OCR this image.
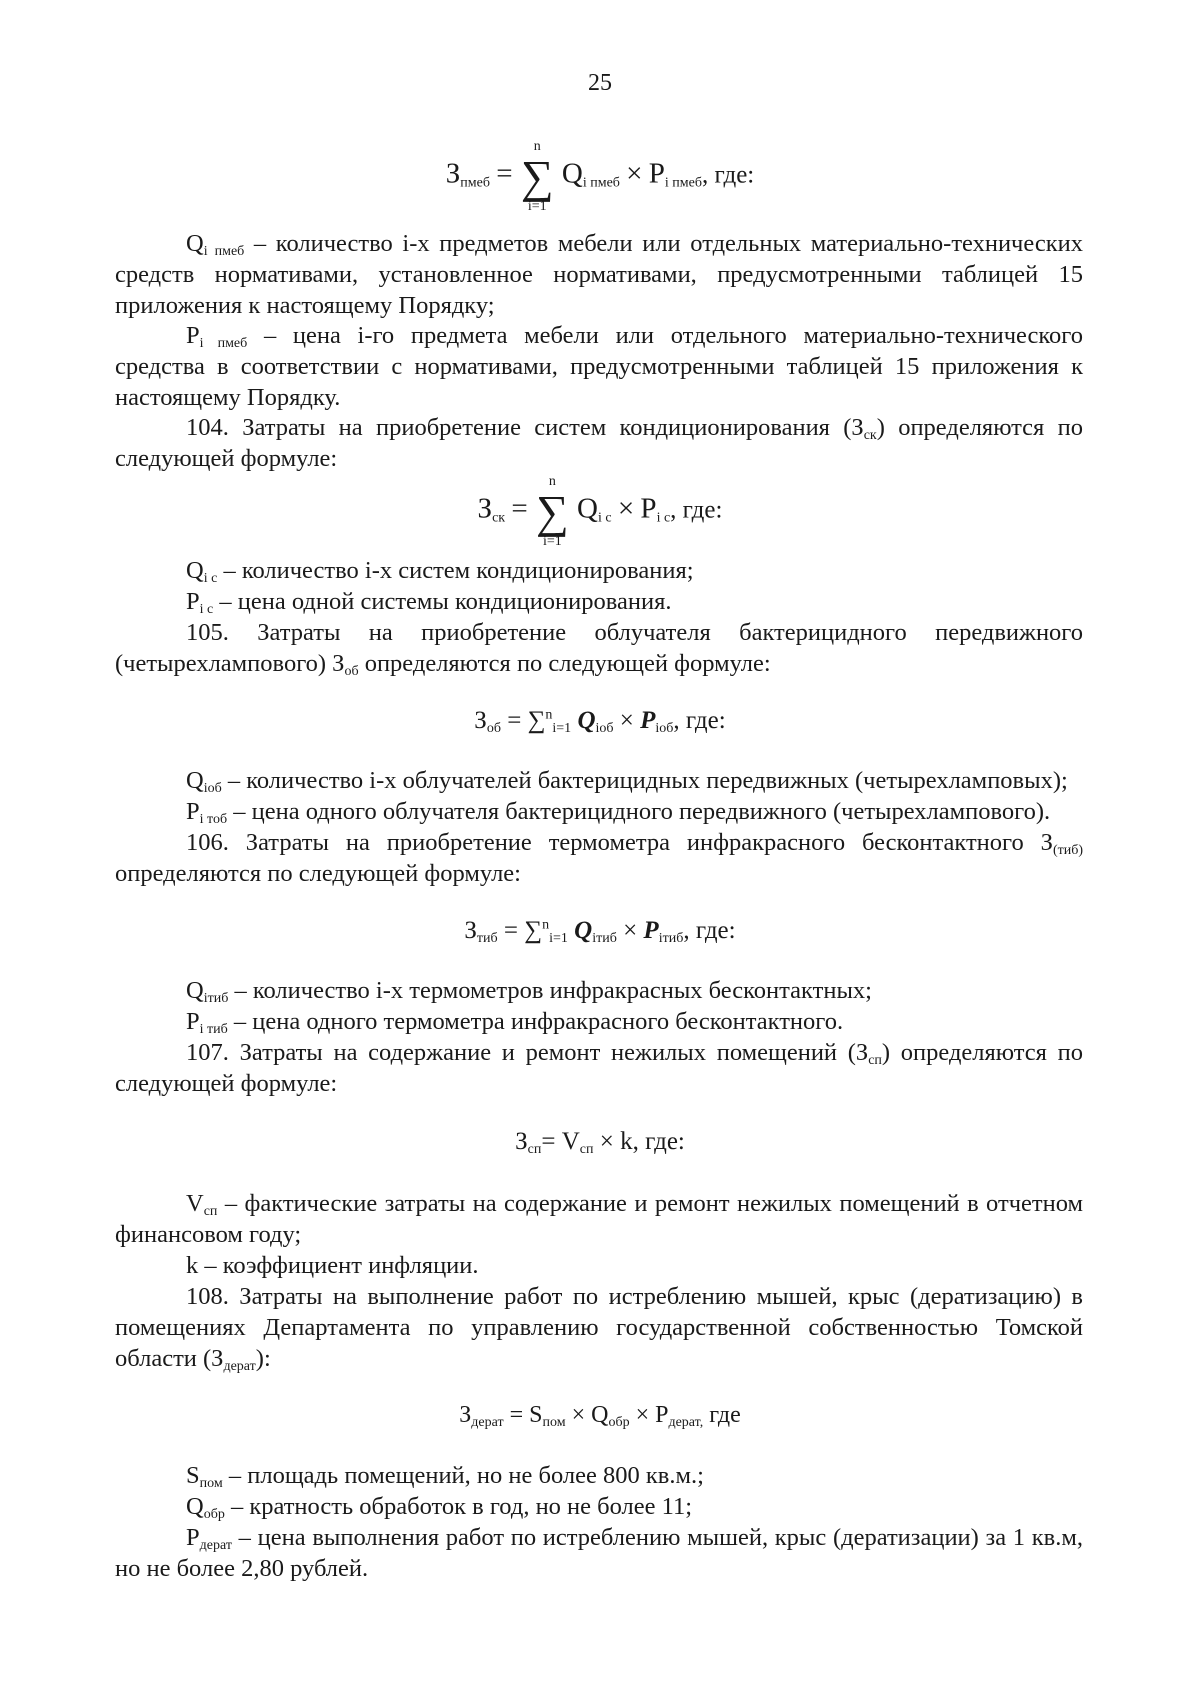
25
$З_{пмеб}$ =
n
∑
i=1
$Q_{i пмеб} \times P_{i пмеб}$, где:

$Q_{i пмеб}$ – количество i-х предметов мебели или отдельных материально-технических средств нормативами, установленное нормативами, предусмотренными таблицей 15 приложения к настоящему Порядку;

$P_{i пмеб}$ – цена i-го предмета мебели или отдельного материально-технического средства в соответствии с нормативами, предусмотренными таблицей 15 приложения к настоящему Порядку.

104. Затраты на приобретение систем кондиционирования $(З_{ск})$ определяются по следующей формуле:

$З_{ск}$ =
n
∑
i=1
$Q_{i с} \times P_{i с}$, где:

$Q_{i с}$ – количество i-х систем кондиционирования;

$P_{i с}$ – цена одной системы кондиционирования.

105. Затраты на приобретение облучателя бактерицидного передвижного (четырехлампового) $З_{об}$ определяются по следующей формуле:

$З_{об} = \sum^n_{i=1}$ $Q_{iоб} \times P_{iоб}$, где:

$Q_{iоб}$ – количество i-х облучателей бактерицидных передвижных (четырехламповых);

$P_{i тоб}$ – цена одного облучателя бактерицидного передвижного (четырехлампового).

106. Затраты на приобретение термометра инфракрасного бесконтактного $З_{(тиб)}$ определяются по следующей формуле:

$З_{тиб} = \sum^n_{i=1}$ $Q_{iтиб} \times P_{iтиб}$, где:

$Q_{iтиб}$ – количество i-х термометров инфракрасных бесконтактных;

$P_{i тиб}$ – цена одного термометра инфракрасного бесконтактного.

107. Затраты на содержание и ремонт нежилых помещений $(З_{сп})$ определяются по следующей формуле:

$З_{сп}= V_{сп} \times k$, где:

$V_{сп}$ – фактические затраты на содержание и ремонт нежилых помещений в отчетном финансовом году;

k – коэффициент инфляции.

108. Затраты на выполнение работ по истреблению мышей, крыс (дератизацию) в помещениях Департамента по управлению государственной собственностью Томской области $(З_{дерат})$:

$З_{дерат} = S_{пом} \times Q_{обр} \times P_{дерат,}$ где

$S_{пом}$ – площадь помещений, но не более 800 кв.м.;

$Q_{обр}$ – кратность обработок в год, но не более 11;

$P_{дерат}$ – цена выполнения работ по истреблению мышей, крыс (дератизации) за 1 кв.м, но не более 2,80 рублей.
